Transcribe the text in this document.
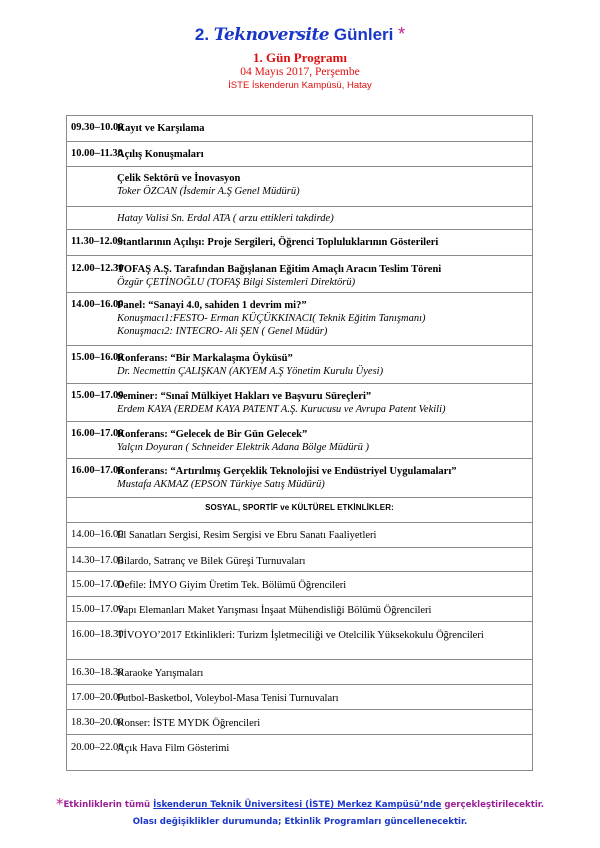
2. Teknoversite Günleri *
1. Gün Programı
04 Mayıs 2017, Perşembe
İSTE İskenderun Kampüsü, Hatay
09.30–10.00
Kayıt ve Karşılama
10.00–11.30
Açılış Konuşmaları
Çelik Sektörü ve İnovasyon
Toker ÖZCAN (İsdemir A.Ş Genel Müdürü)
Hatay Valisi Sn. Erdal ATA ( arzu ettikleri takdirde)
11.30–12.00
Stantlarının Açılışı: Proje Sergileri, Öğrenci Topluluklarının Gösterileri
12.00–12.30
TOFAŞ A.Ş. Tarafından Bağışlanan Eğitim Amaçlı Aracın Teslim Töreni
Özgür ÇETİNOĞLU (TOFAŞ Bilgi Sistemleri Direktörü)
14.00–16.00
Panel: “Sanayi 4.0, sahiden 1 devrim mi?”
Konuşmacı1:FESTO- Erman KÜÇÜKKINACI( Teknik Eğitim Tanışmanı)
Konuşmacı2: INTECRO- Ali ŞEN ( Genel Müdür)
15.00–16.00
Konferans: “Bir Markalaşma Öyküsü”
Dr. Necmettin ÇALIŞKAN (AKYEM A.Ş Yönetim Kurulu Üyesi)
15.00–17.00
Seminer: “Sınaî Mülkiyet Hakları ve Başvuru Süreçleri”
Erdem KAYA (ERDEM KAYA PATENT A.Ş. Kurucusu ve Avrupa Patent Vekili)
16.00–17.00
Konferans: “Gelecek de Bir Gün Gelecek”
Yalçın Doyuran ( Schneider Elektrik Adana Bölge Müdürü )
16.00–17.00
Konferans: “Artırılmış Gerçeklik Teknolojisi ve Endüstriyel Uygulamaları”
Mustafa AKMAZ (EPSON Türkiye Satış Müdürü)
SOSYAL, SPORTİF ve KÜLTÜREL ETKİNLİKLER:
14.00–16.00
El Sanatları Sergisi, Resim Sergisi ve Ebru Sanatı Faaliyetleri
14.30–17.00
Bilardo, Satranç ve Bilek Güreşi Turnuvaları
15.00–17.00
Defile: İMYO Giyim Üretim Tek. Bölümü Öğrencileri
15.00–17.00
Yapı Elemanları Maket Yarışması İnşaat Mühendisliği Bölümü Öğrencileri
16.00–18.30
TİVOYO’2017 Etkinlikleri: Turizm İşletmeciliği ve Otelcilik Yüksekokulu Öğrencileri
16.30–18.30
Karaoke Yarışmaları
17.00–20.00
Futbol-Basketbol, Voleybol-Masa Tenisi Turnuvaları
18.30–20.00
Konser: İSTE MYDK Öğrencileri
20.00–22.00
Açık Hava Film Gösterimi
*Etkinliklerin tümü İskenderun Teknik Üniversitesi (İSTE) Merkez Kampüsü’nde gerçekleştirilecektir.
Olası değişiklikler durumunda; Etkinlik Programları güncellenecektir.
